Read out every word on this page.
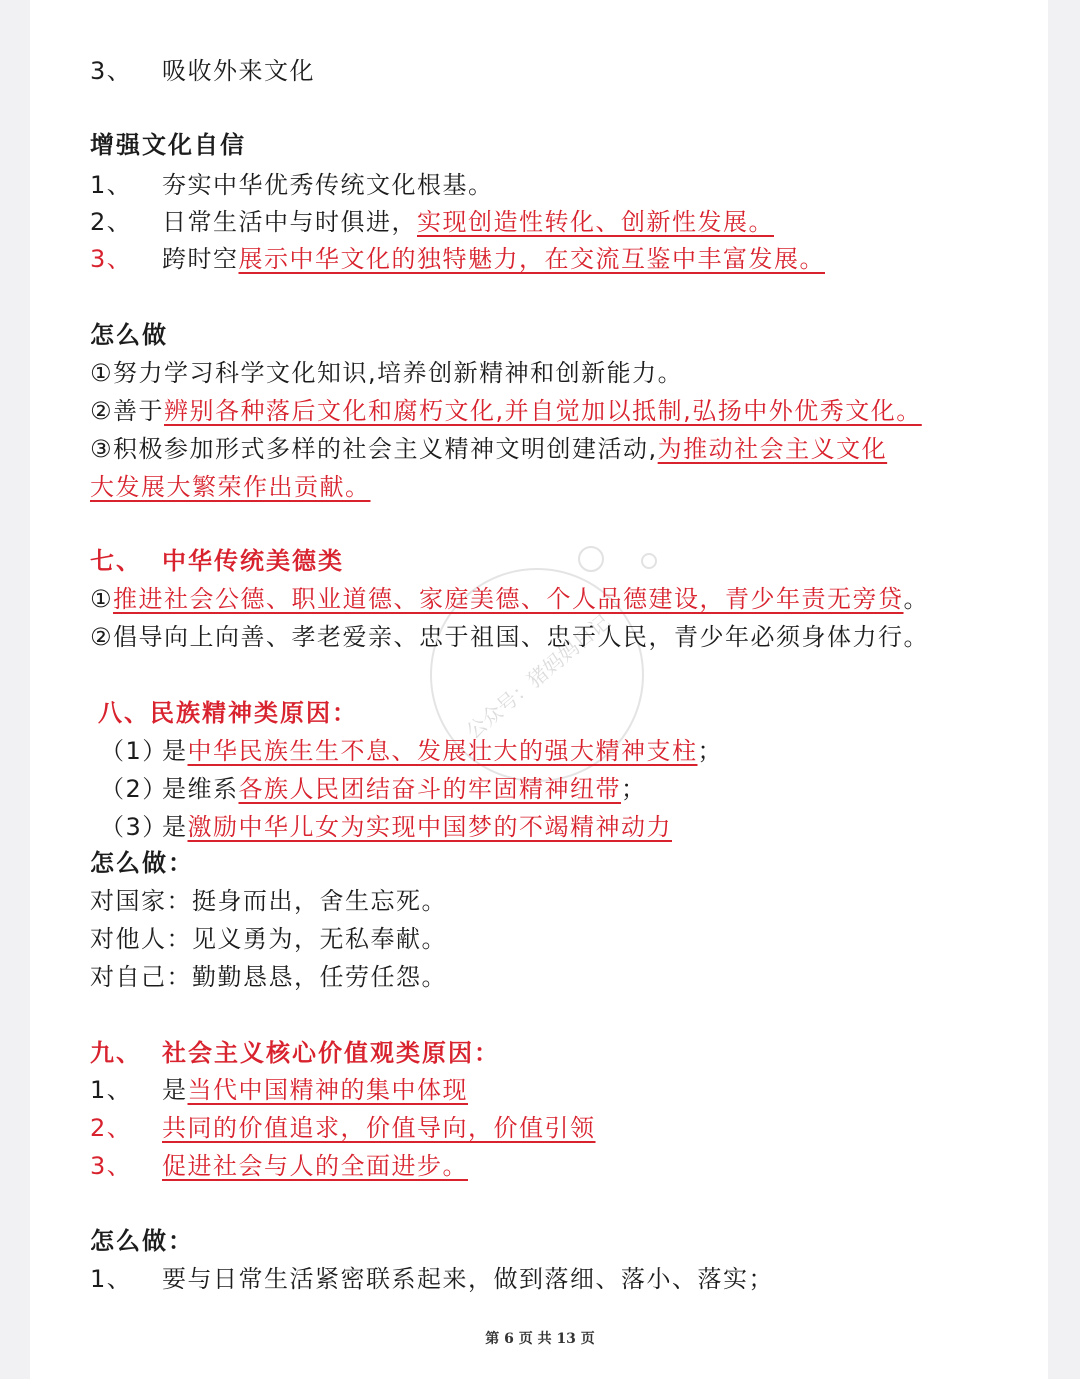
公众号：猪妈妈日记
3、 吸收外来文化
增强文化自信
1、 夯实中华优秀传统文化根基。
2、 日常生活中与时俱进，实现创造性转化、创新性发展。
3、 跨时空展示中华文化的独特魅力，在交流互鉴中丰富发展。
怎么做
①努力学习科学文化知识,培养创新精神和创新能力。
②善于辨别各种落后文化和腐朽文化,并自觉加以抵制,弘扬中外优秀文化。
③积极参加形式多样的社会主义精神文明创建活动,为推动社会主义文化
大发展大繁荣作出贡献。
七、 中华传统美德类
①推进社会公德、职业道德、家庭美德、个人品德建设，青少年责无旁贷。
②倡导向上向善、孝老爱亲、忠于祖国、忠于人民，青少年必须身体力行。
八、民族精神类原因：
（1）是中华民族生生不息、发展壮大的强大精神支柱；
（2）是维系各族人民团结奋斗的牢固精神纽带；
（3）是激励中华儿女为实现中国梦的不竭精神动力
怎么做：
对国家：挺身而出，舍生忘死。
对他人：见义勇为，无私奉献。
对自己：勤勤恳恳，任劳任怨。
九、 社会主义核心价值观类原因：
1、 是当代中国精神的集中体现
2、 共同的价值追求，价值导向，价值引领
3、 促进社会与人的全面进步。
怎么做：
1、 要与日常生活紧密联系起来，做到落细、落小、落实；
第 6 页 共 13 页
